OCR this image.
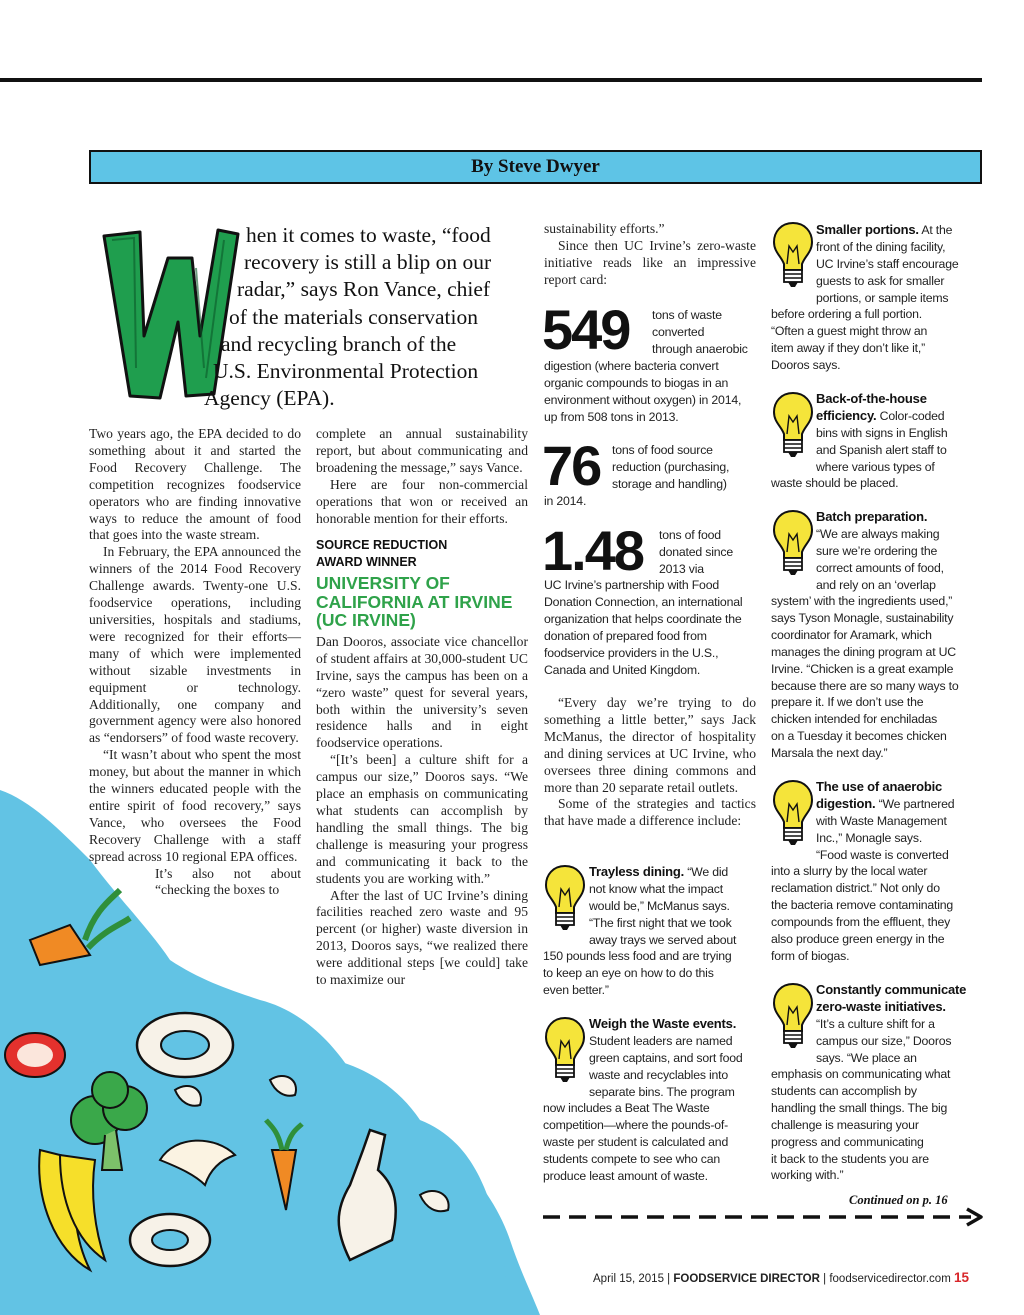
By Steve Dwyer
hen it comes to waste, “food
recovery is still a blip on our
radar,” says Ron Vance, chief
of the materials conservation
and recycling branch of the
U.S. Environmental Protection
Agency (EPA).

Two years ago, the EPA decided to do something about it and started the Food Recovery Challenge. The competition recognizes foodservice operators who are finding innovative ways to reduce the amount of food that goes into the waste stream.

In February, the EPA announced the winners of the 2014 Food Recovery Challenge awards. Twenty-one U.S. foodservice operations, including universities, hospitals and stadiums, were recognized for their efforts—many of which were implemented without sizable investments in equipment or technology. Additionally, one company and government agency were also honored as “endorsers” of food waste recovery.

“It wasn’t about who spent the most money, but about the manner in which the winners educated people with the entire spirit of food recovery,” says Vance, who oversees the Food Recovery Challenge with a staff spread across 10 regional EPA offices.

It’s also not about “checking the boxes to

complete an annual sustainability report, but about communicating and broadening the message,” says Vance.

Here are four non-commercial operations that won or received an honorable mention for their efforts.

SOURCE REDUCTION
AWARD WINNER
UNIVERSITY OF
CALIFORNIA AT IRVINE
(UC IRVINE)

Dan Dooros, associate vice chancellor of student affairs at 30,000-student UC Irvine, says the campus has been on a “zero waste” quest for several years, both within the university’s seven residence halls and in eight foodservice operations.

“[It’s been] a culture shift for a campus our size,” Dooros says. “We place an emphasis on communicating what students can accomplish by handling the small things. The big challenge is measuring your progress and communicating it back to the students you are working with.”

After the last of UC Irvine’s dining facilities reached zero waste and 95 percent (or higher) waste diversion in 2013, Dooros says, “we realized there were additional steps [we could] take to maximize our

sustainability efforts.”

Since then UC Irvine’s zero-waste initiative reads like an impressive report card:

549 tons of waste
converted
through anaerobic
digestion (where bacteria convert organic compounds to biogas in an environment without oxygen) in 2014, up from 508 tons in 2013.
76 tons of food source
reduction (purchasing,
storage and handling)
in 2014.
1.48 tons of food
donated since
2013 via
UC Irvine’s partnership with Food Donation Connection, an international organization that helps coordinate the donation of prepared food from foodservice providers in the U.S., Canada and United Kingdom.

“Every day we’re trying to do something a little better,” says Jack McManus, the director of hospitality and dining services at UC Irvine, who oversees three dining commons and more than 20 separate retail outlets.

Some of the strategies and tactics that have made a difference include:

Trayless dining. “We did
not know what the impact
would be,” McManus says.
“The first night that we took
away trays we served about
150 pounds less food and are trying
to keep an eye on how to do this
even better.”
Weigh the Waste events.
Student leaders are named
green captains, and sort food
waste and recyclables into
separate bins. The program
now includes a Beat The Waste
competition—where the pounds-of-
waste per student is calculated and
students compete to see who can
produce least amount of waste.
Smaller portions. At the
front of the dining facility,
UC Irvine’s staff encourage
guests to ask for smaller
portions, or sample items
before ordering a full portion.
“Often a guest might throw an
item away if they don’t like it,”
Dooros says.
Back-of-the-house
efficiency. Color-coded
bins with signs in English
and Spanish alert staff to
where various types of
waste should be placed.
Batch preparation.
“We are always making
sure we’re ordering the
correct amounts of food,
and rely on an ‘overlap
system’ with the ingredients used,”
says Tyson Monagle, sustainability
coordinator for Aramark, which
manages the dining program at UC
Irvine. “Chicken is a great example
because there are so many ways to
prepare it. If we don’t use the
chicken intended for enchiladas
on a Tuesday it becomes chicken
Marsala the next day.”
The use of anaerobic
digestion. “We partnered
with Waste Management
Inc.,” Monagle says.
“Food waste is converted
into a slurry by the local water
reclamation district.” Not only do
the bacteria remove contaminating
compounds from the effluent, they
also produce green energy in the
form of biogas.
Constantly communicate
zero-waste initiatives.
“It’s a culture shift for a
campus our size,” Dooros
says. “We place an
emphasis on communicating what
students can accomplish by
handling the small things. The big
challenge is measuring your
progress and communicating
it back to the students you are
working with.”
Continued on p. 16
April 15, 2015 | FOODSERVICE DIRECTOR | foodservicedirector.com 15
